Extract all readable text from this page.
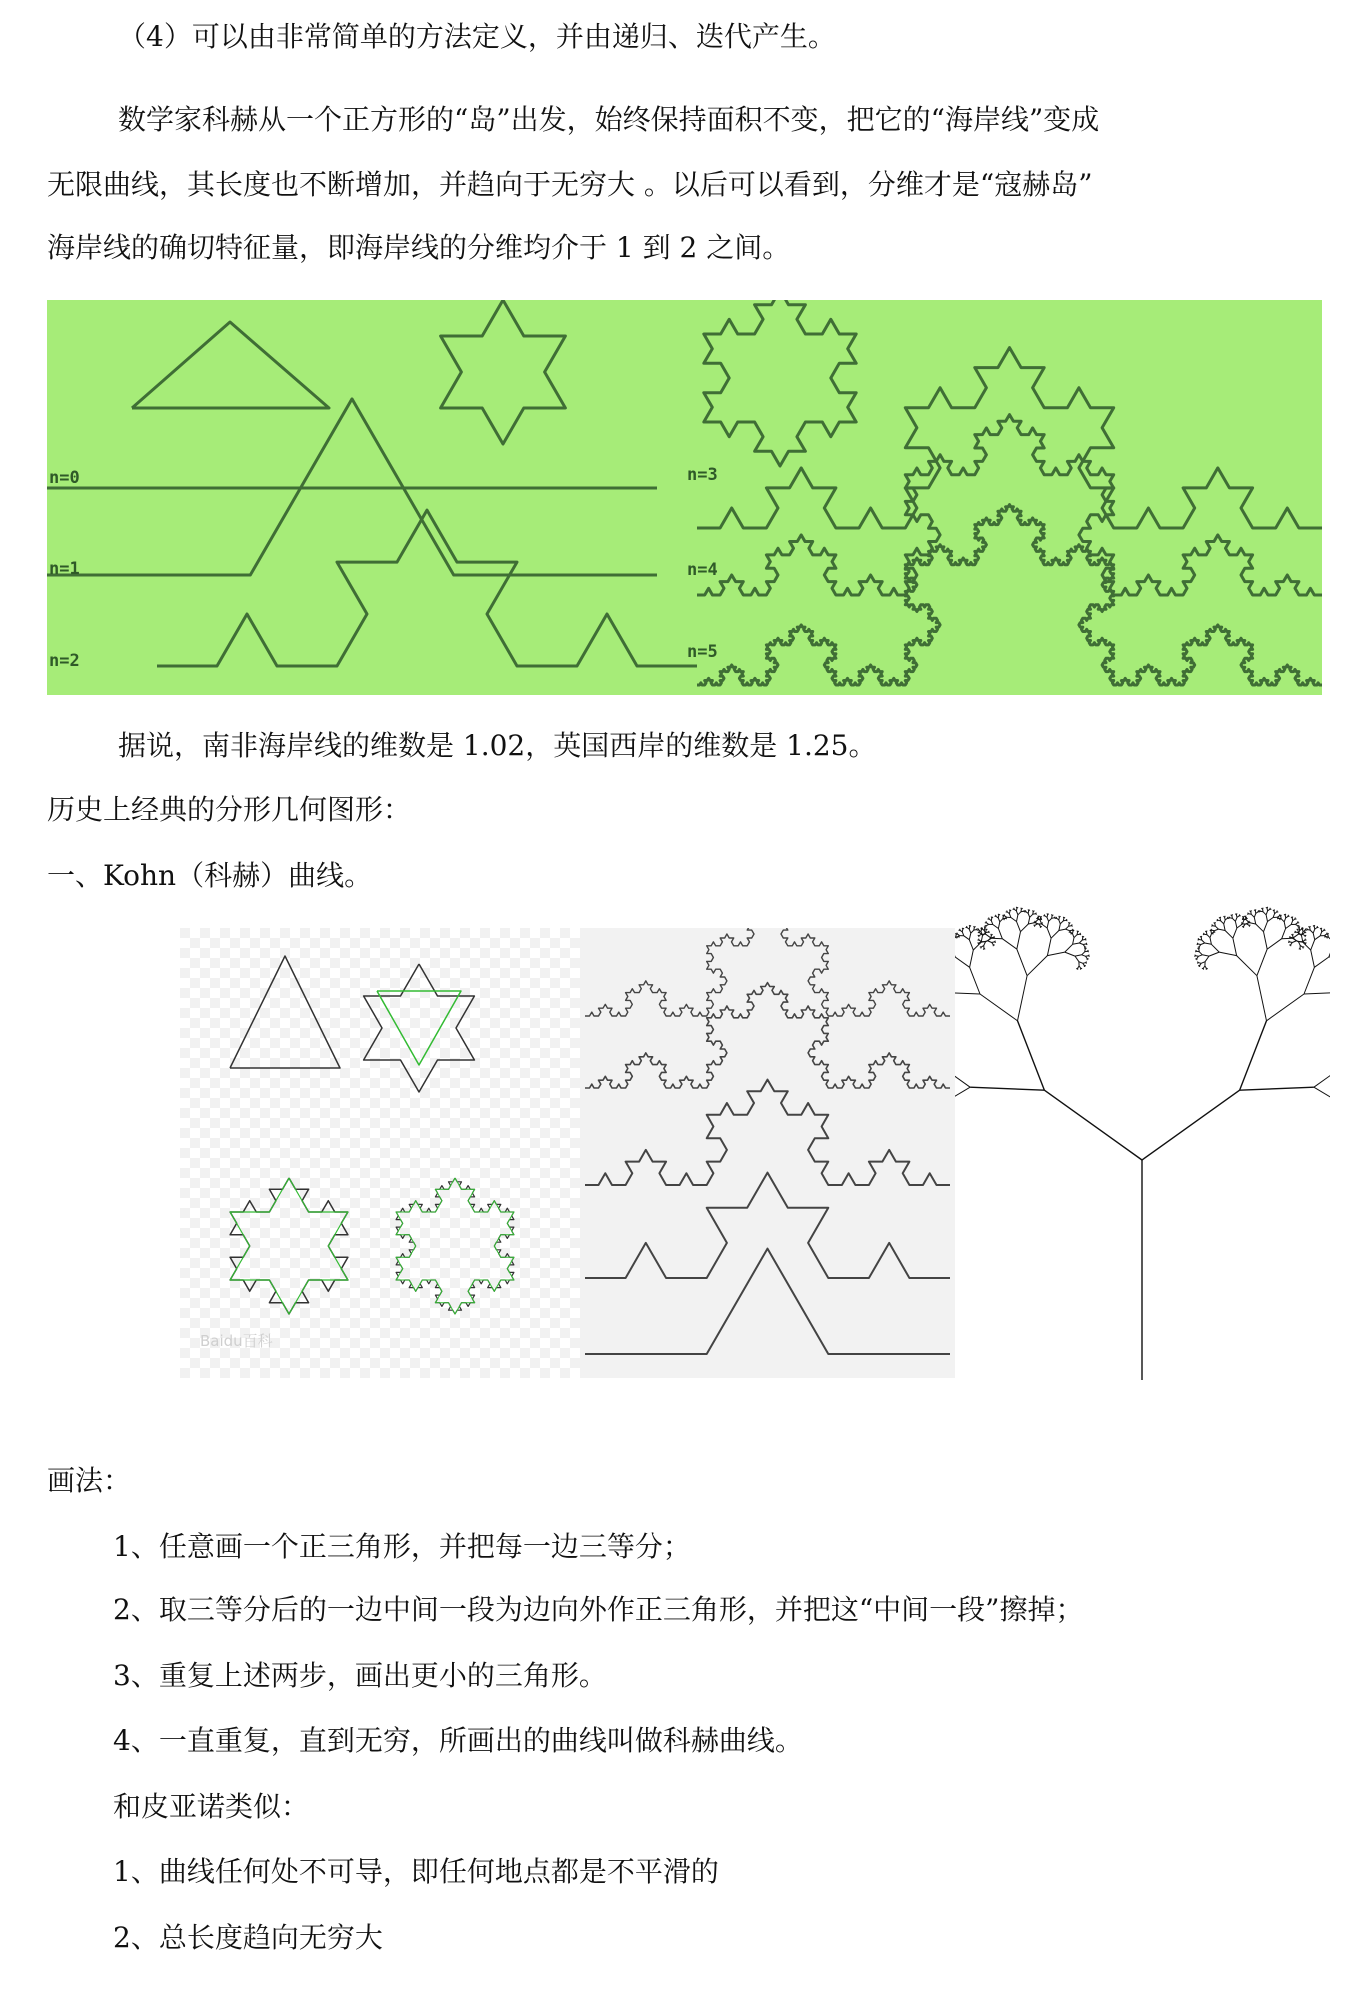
（4）可以由非常简单的方法定义，并由递归、迭代产生。
数学家科赫从一个正方形的“岛”出发，始终保持面积不变，把它的“海岸线”变成
无限曲线，其长度也不断增加，并趋向于无穷大 。以后可以看到，分维才是“寇赫岛”
海岸线的确切特征量，即海岸线的分维均介于 1 到 2 之间。
n=0
n=1
n=2
n=3
n=4
n=5
据说，南非海岸线的维数是 1.02，英国西岸的维数是 1.25。
历史上经典的分形几何图形：
一、Kohn（科赫）曲线。
Baidu百科
画法：
1、任意画一个正三角形，并把每一边三等分；
2、取三等分后的一边中间一段为边向外作正三角形，并把这“中间一段”擦掉；
3、重复上述两步，画出更小的三角形。
4、一直重复，直到无穷，所画出的曲线叫做科赫曲线。
和皮亚诺类似：
1、曲线任何处不可导，即任何地点都是不平滑的
2、总长度趋向无穷大
